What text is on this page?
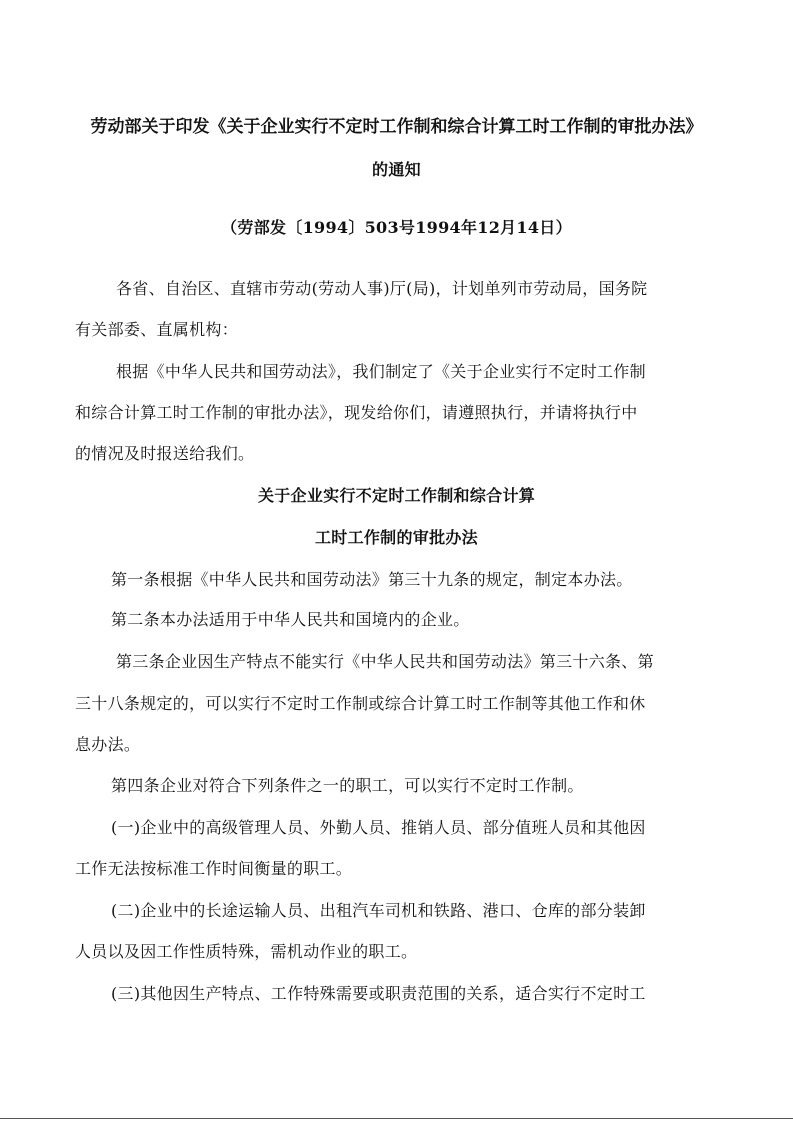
劳动部关于印发《关于企业实行不定时工作制和综合计算工时工作制的审批办法》
的通知
（劳部发〔1994〕503号1994年12月14日）
各省、自治区、直辖市劳动(劳动人事)厅(局)，计划单列市劳动局，国务院
有关部委、直属机构：
根据《中华人民共和国劳动法》，我们制定了《关于企业实行不定时工作制
和综合计算工时工作制的审批办法》，现发给你们，请遵照执行，并请将执行中
的情况及时报送给我们。
关于企业实行不定时工作制和综合计算
工时工作制的审批办法
第一条根据《中华人民共和国劳动法》第三十九条的规定，制定本办法。
第二条本办法适用于中华人民共和国境内的企业。
第三条企业因生产特点不能实行《中华人民共和国劳动法》第三十六条、第
三十八条规定的，可以实行不定时工作制或综合计算工时工作制等其他工作和休
息办法。
第四条企业对符合下列条件之一的职工，可以实行不定时工作制。
(一)企业中的高级管理人员、外勤人员、推销人员、部分值班人员和其他因
工作无法按标准工作时间衡量的职工。
(二)企业中的长途运输人员、出租汽车司机和铁路、港口、仓库的部分装卸
人员以及因工作性质特殊，需机动作业的职工。
(三)其他因生产特点、工作特殊需要或职责范围的关系，适合实行不定时工
